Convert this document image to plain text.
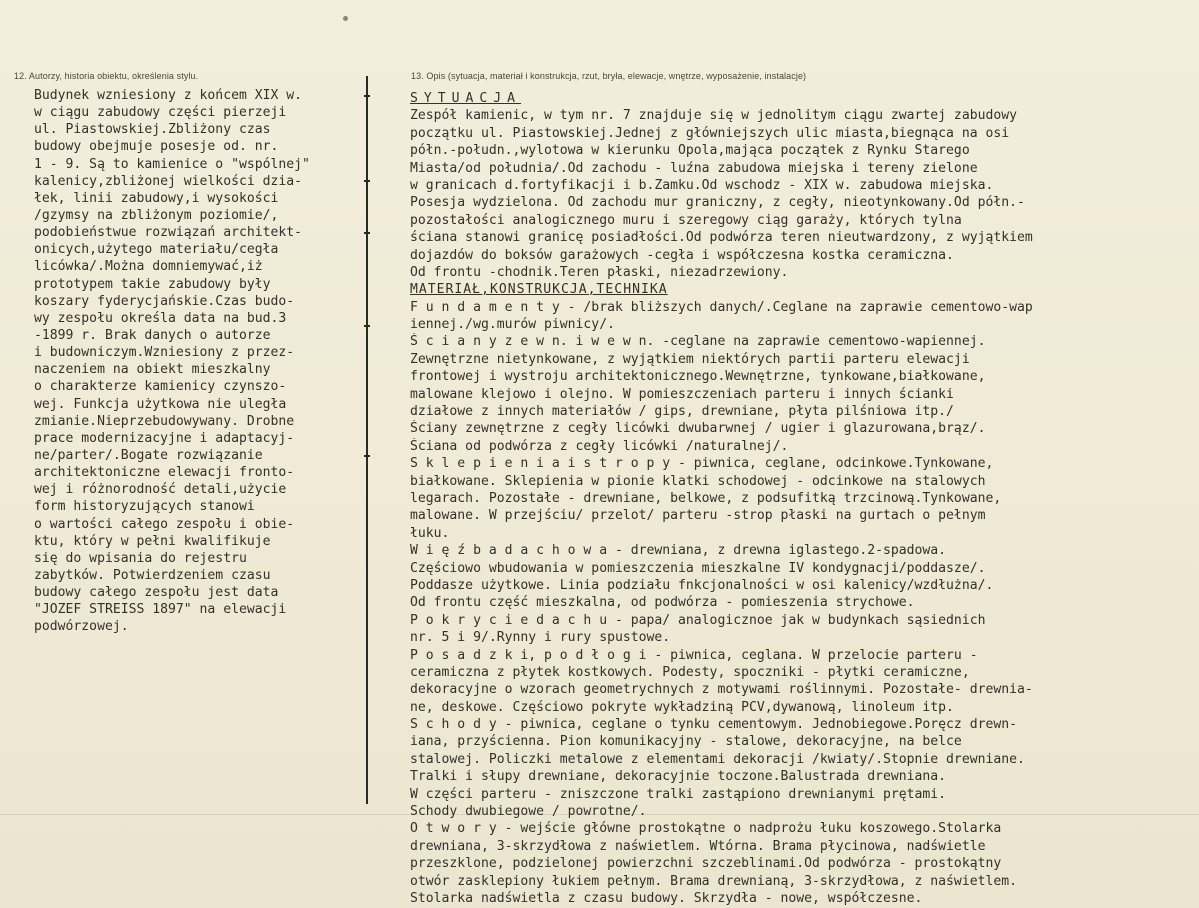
12. Autorzy, historia obiektu, określenia stylu.	13. Opis (sytuacja, materiał i konstrukcja, rzut, bryła, elewacje, wnętrze, wyposażenie, instalacje)
Budynek wzniesiony z końcem XIX w.
w ciągu zabudowy części pierzeji
ul. Piastowskiej.Zbliżony czas
budowy obejmuje posesje od. nr.
1 - 9. Są to kamienice o "wspólnej"
kalenicy,zbliżonej wielkości dzia-
łek, linii zabudowy,i wysokości
/gzymsy na zbliżonym poziomie/,
podobieństwue rozwiązań architekt-
onicych,użytego materiału/cegła
licówka/.Można domniemywać,iż
prototypem takie zabudowy były
koszary fyderycjańskie.Czas budo-
wy zespołu określa data na bud.3
-1899 r. Brak danych o autorze
i budowniczym.Wzniesiony z przez-
naczeniem na obiekt mieszkalny
o charakterze kamienicy czynszo-
wej. Funkcja użytkowa nie uległa
zmianie.Nieprzebudowywany. Drobne
prace modernizacyjne i adaptacyj-
ne/parter/.Bogate rozwiązanie
architektoniczne elewacji fronto-
wej i różnorodność detali,użycie
form historyzujących stanowi
o wartości całego zespołu i obie-
ktu, który w pełni kwalifikuje
się do wpisania do rejestru
zabytków. Potwierdzeniem czasu
budowy całego zespołu jest data
"JOZEF STREISS 1897" na elewacji
podwórzowej.
SYTUACJA
Zespół kamienic, w tym nr. 7 znajduje się w jednolitym ciągu zwartej zabudowy
początku ul. Piastowskiej.Jednej z główniejszych ulic miasta,biegnąca na osi
półn.-połudn.,wylotowa w kierunku Opola,mająca początek z Rynku Starego
Miasta/od południa/.Od zachodu - luźna zabudowa miejska i tereny zielone
w granicach d.fortyfikacji i b.Zamku.Od wschodz - XIX w. zabudowa miejska.
Posesja wydzielona. Od zachodu mur graniczny, z cegły, nieotynkowany.Od półn.-
pozostałości analogicznego muru i szeregowy ciąg garaży, których tylna
ściana stanowi granicę posiadłości.Od podwórza teren nieutwardzony, z wyjątkiem
dojazdów do boksów garażowych -cegła i współczesna kostka ceramiczna.
Od frontu -chodnik.Teren płaski, niezadrzewiony.
MATERIAŁ,KONSTRUKCJA,TECHNIKA
F u n d a m e n t y - /brak bliższych danych/.Ceglane na zaprawie cementowo-wap
iennej./wg.murów piwnicy/.
Ś c i a n y z e w n. i w e w n. -ceglane na zaprawie cementowo-wapiennej.
Zewnętrzne nietynkowane, z wyjątkiem niektórych partii parteru elewacji
frontowej i wystroju architektonicznego.Wewnętrzne, tynkowane,białkowane,
malowane klejowo i olejno. W pomieszczeniach parteru i innych ścianki
działowe z innych materiałów / gips, drewniane, płyta pilśniowa itp./
Ściany zewnętrzne z cegły licówki dwubarwnej / ugier i glazurowana,brąz/.
Ściana od podwórza z cegły licówki /naturalnej/.
S k l e p i e n i a i s t r o p y - piwnica, ceglane, odcinkowe.Tynkowane,
białkowane. Sklepienia w pionie klatki schodowej - odcinkowe na stalowych
legarach. Pozostałe - drewniane, belkowe, z podsufitką trzcinową.Tynkowane,
malowane. W przejściu/ przelot/ parteru -strop płaski na gurtach o pełnym
łuku.
W i ę ź b a d a c h o w a - drewniana, z drewna iglastego.2-spadowa.
Częściowo wbudowania w pomieszczenia mieszkalne IV kondygnacji/poddasze/.
Poddasze użytkowe. Linia podziału fnkcjonalności w osi kalenicy/wzdłużna/.
Od frontu część mieszkalna, od podwórza - pomieszenia strychowe.
P o k r y c i e d a c h u - papa/ analogicznoe jak w budynkach sąsiednich
nr. 5 i 9/.Rynny i rury spustowe.
P o s a d z k i, p o d ł o g i - piwnica, ceglana. W przelocie parteru -
ceramiczna z płytek kostkowych. Podesty, spoczniki - płytki ceramiczne,
dekoracyjne o wzorach geometrychnych z motywami roślinnymi. Pozostałe- drewnia-
ne, deskowe. Częściowo pokryte wykładziną PCV,dywanową, linoleum itp.
S c h o d y - piwnica, ceglane o tynku cementowym. Jednobiegowe.Poręcz drewn-
iana, przyścienna. Pion komunikacyjny - stalowe, dekoracyjne, na belce
stalowej. Policzki metalowe z elementami dekoracji /kwiaty/.Stopnie drewniane.
Tralki i słupy drewniane, dekoracyjnie toczone.Balustrada drewniana.
W części parteru - zniszczone tralki zastąpiono drewnianymi prętami.
Schody dwubiegowe / powrotne/.
O t w o r y - wejście główne prostokątne o nadprożu łuku koszowego.Stolarka
drewniana, 3-skrzydłowa z naświetlem. Wtórna. Brama płycinowa, nadświetle
przeszklone, podzielonej powierzchni szczeblinami.Od podwórza - prostokątny
otwór zasklepiony łukiem pełnym. Brama drewnianą, 3-skrzydłowa, z naświetlem.
Stolarka nadświetla z czasu budowy. Skrzydła - nowe, współczesne.
